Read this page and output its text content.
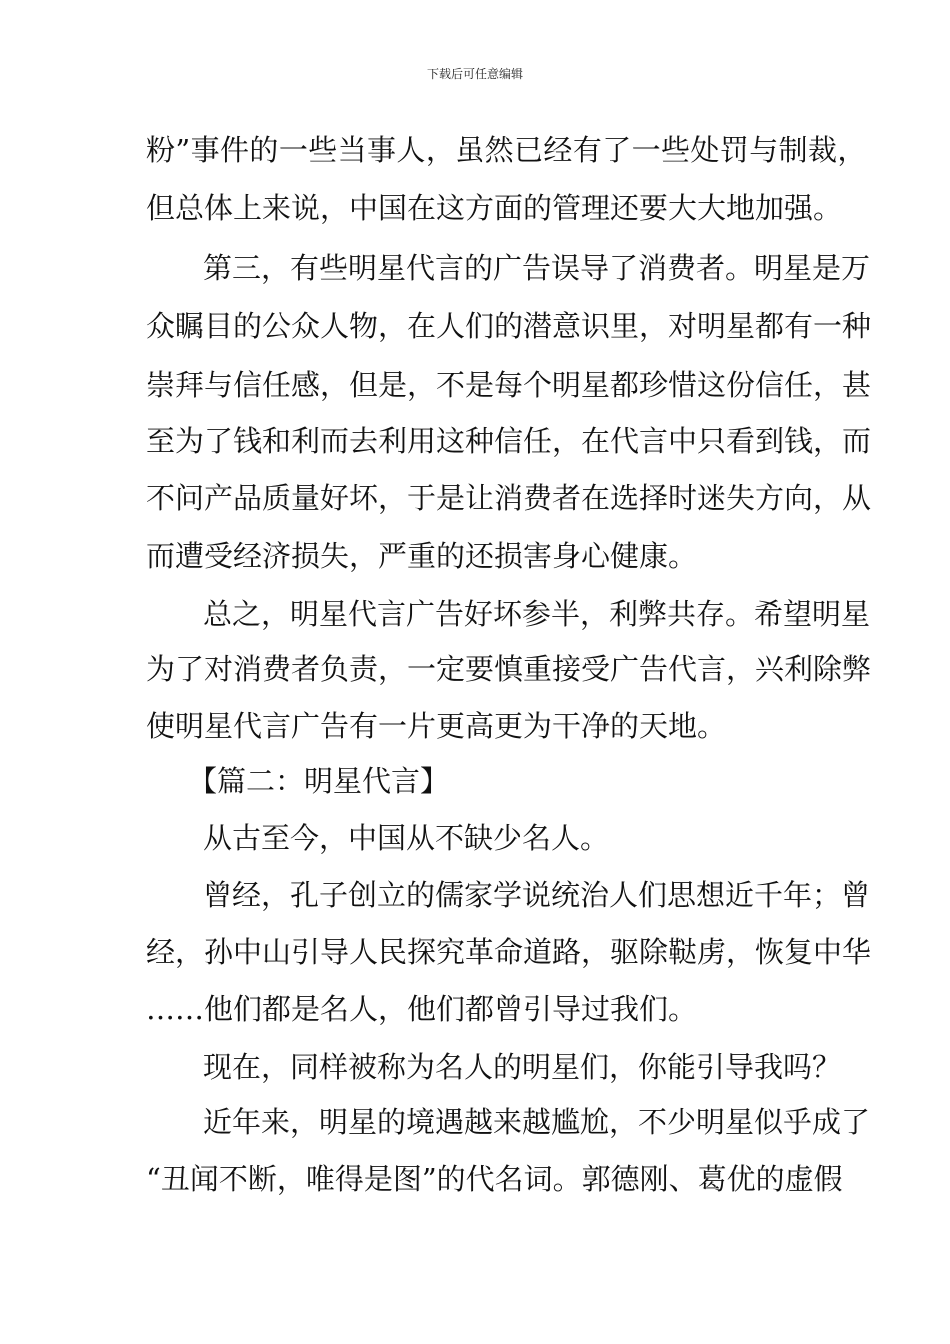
下载后可任意编辑
粉”事件的一些当事人，虽然已经有了一些处罚与制裁，
但总体上来说，中国在这方面的管理还要大大地加强。
第三，有些明星代言的广告误导了消费者。明星是万
众瞩目的公众人物，在人们的潜意识里，对明星都有一种
崇拜与信任感，但是，不是每个明星都珍惜这份信任，甚
至为了钱和利而去利用这种信任，在代言中只看到钱，而
不问产品质量好坏，于是让消费者在选择时迷失方向，从
而遭受经济损失，严重的还损害身心健康。
总之，明星代言广告好坏参半，利弊共存。希望明星
为了对消费者负责，一定要慎重接受广告代言，兴利除弊
使明星代言广告有一片更高更为干净的天地。
【篇二：明星代言】
从古至今，中国从不缺少名人。
曾经，孔子创立的儒家学说统治人们思想近千年；曾
经，孙中山引导人民探究革命道路，驱除鞑虏，恢复中华
……他们都是名人，他们都曾引导过我们。
现在，同样被称为名人的明星们，你能引导我吗？
近年来，明星的境遇越来越尴尬，不少明星似乎成了
“丑闻不断，唯得是图”的代名词。郭德刚、葛优的虚假
